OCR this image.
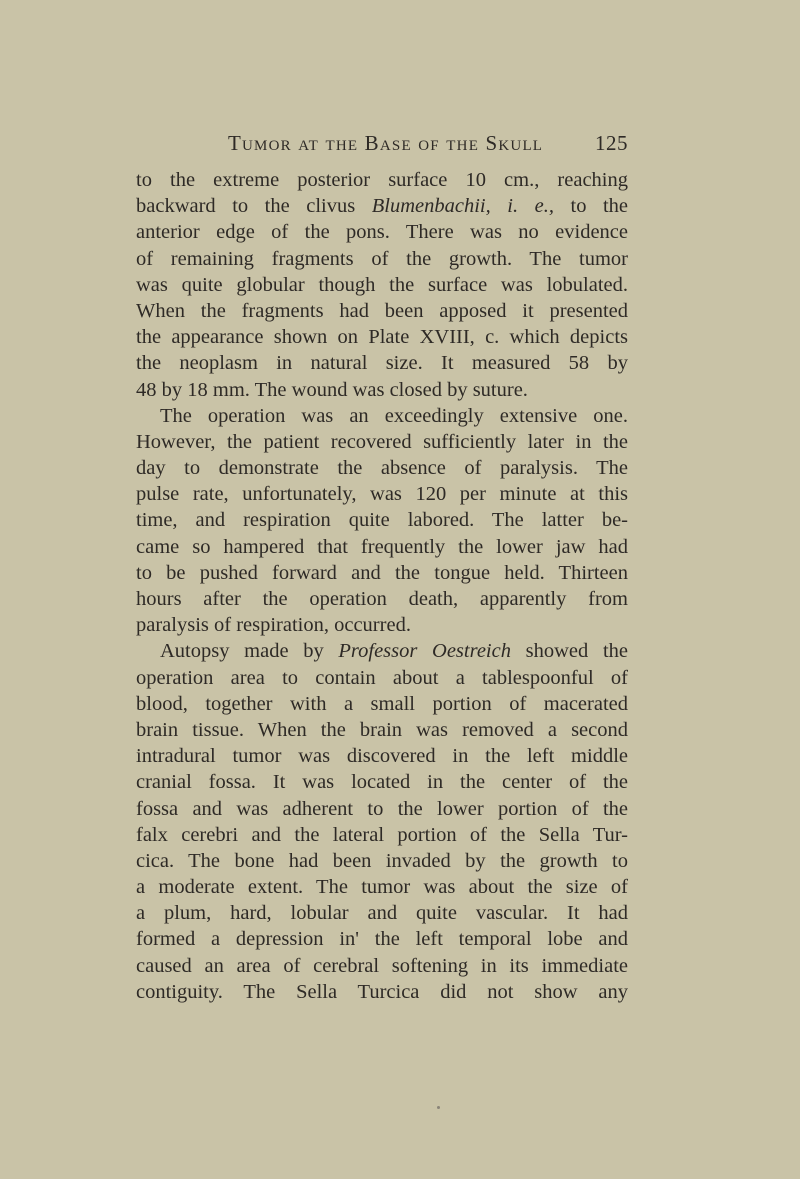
Tumor at the Base of the Skull 125
to the extreme posterior surface 10 cm., reaching
backward to the clivus Blumenbachii, i. e., to the
anterior edge of the pons. There was no evidence
of remaining fragments of the growth. The tumor
was quite globular though the surface was lobulated.
When the fragments had been apposed it presented
the appearance shown on Plate XVIII, c. which depicts
the neoplasm in natural size. It measured 58 by
48 by 18 mm. The wound was closed by suture.
The operation was an exceedingly extensive one.
However, the patient recovered sufficiently later in the
day to demonstrate the absence of paralysis. The
pulse rate, unfortunately, was 120 per minute at this
time, and respiration quite labored. The latter be-
came so hampered that frequently the lower jaw had
to be pushed forward and the tongue held. Thirteen
hours after the operation death, apparently from
paralysis of respiration, occurred.
Autopsy made by Professor Oestreich showed the
operation area to contain about a tablespoonful of
blood, together with a small portion of macerated
brain tissue. When the brain was removed a second
intradural tumor was discovered in the left middle
cranial fossa. It was located in the center of the
fossa and was adherent to the lower portion of the
falx cerebri and the lateral portion of the Sella Tur-
cica. The bone had been invaded by the growth to
a moderate extent. The tumor was about the size of
a plum, hard, lobular and quite vascular. It had
formed a depression in' the left temporal lobe and
caused an area of cerebral softening in its immediate
contiguity. The Sella Turcica did not show any
